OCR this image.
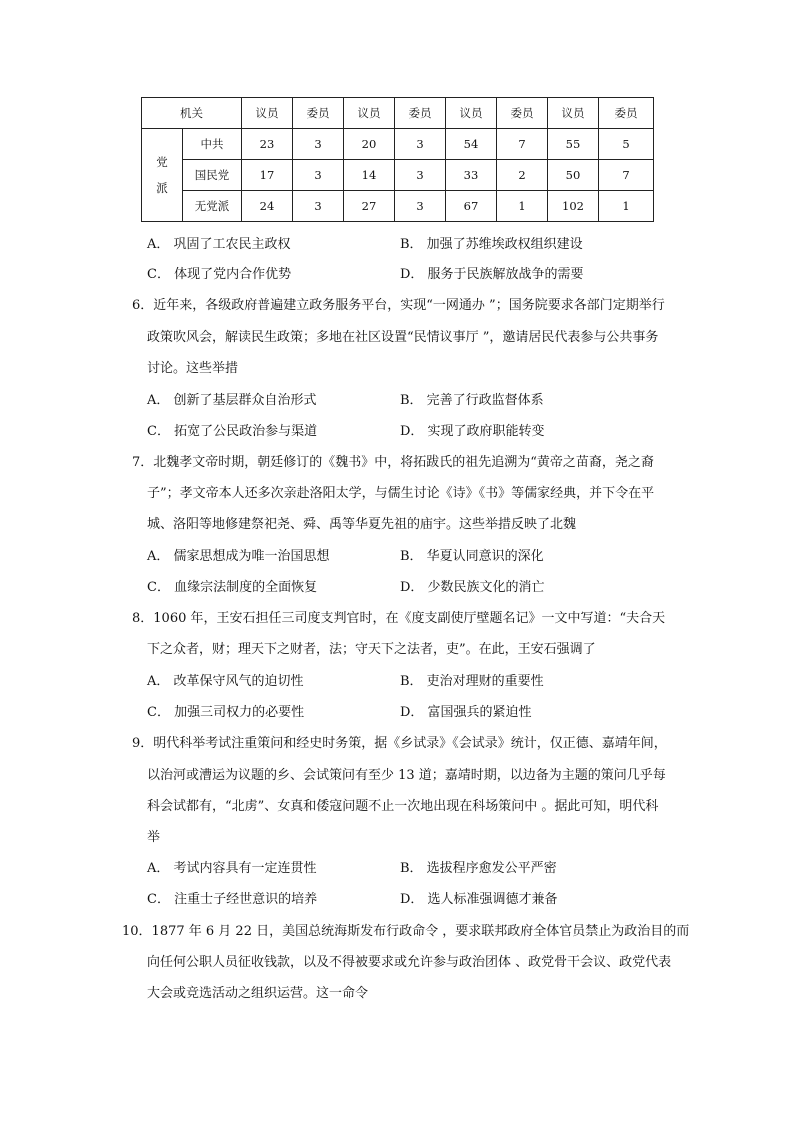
机关		议员	委员	议员	委员	议员	委员	议员	委员

党
派	中共	23	3	20	3	54	7	55	5
	国民党	17	3	14	3	33	2	50	7
	无党派	24	3	27	3	67	1	102	1
A． 巩固了工农民主政权	B． 加强了苏维埃政权组织建设
C． 体现了党内合作优势	D． 服务于民族解放战争的需要
6．近年来，各级政府普遍建立政务服务平台，实现“一网通办 ”；国务院要求各部门定期举行
政策吹风会，解读民生政策；多地在社区设置“民情议事厅 ”，邀请居民代表参与公共事务
讨论。这些举措
A． 创新了基层群众自治形式	B． 完善了行政监督体系
C． 拓宽了公民政治参与渠道	D． 实现了政府职能转变
7．北魏孝文帝时期，朝廷修订的《魏书》中，将拓跋氏的祖先追溯为“黄帝之苗裔，尧之裔
子”；孝文帝本人还多次亲赴洛阳太学，与儒生讨论《诗》《书》等儒家经典，并下令在平
城、洛阳等地修建祭祀尧、舜、禹等华夏先祖的庙宇。这些举措反映了北魏
A． 儒家思想成为唯一治国思想	B． 华夏认同意识的深化
C． 血缘宗法制度的全面恢复	D． 少数民族文化的消亡
8．1060 年，王安石担任三司度支判官时，在《度支副使厅壁题名记》一文中写道：“夫合天
下之众者，财；理天下之财者，法；守天下之法者，吏”。在此，王安石强调了
A． 改革保守风气的迫切性	B． 吏治对理财的重要性
C． 加强三司权力的必要性	D． 富国强兵的紧迫性
9．明代科举考试注重策问和经史时务策，据《乡试录》《会试录》统计，仅正德、嘉靖年间，
以治河或漕运为议题的乡、会试策问有至少 13 道；嘉靖时期，以边备为主题的策问几乎每
科会试都有，“北虏”、女真和倭寇问题不止一次地出现在科场策问中 。据此可知，明代科
举
A． 考试内容具有一定连贯性	B． 选拔程序愈发公平严密
C． 注重士子经世意识的培养	D． 选人标准强调德才兼备
10．1877 年 6 月 22 日，美国总统海斯发布行政命令 ，要求联邦政府全体官员禁止为政治目的而
向任何公职人员征收钱款，以及不得被要求或允许参与政治团体 、政党骨干会议、政党代表
大会或竞选活动之组织运营。这一命令
